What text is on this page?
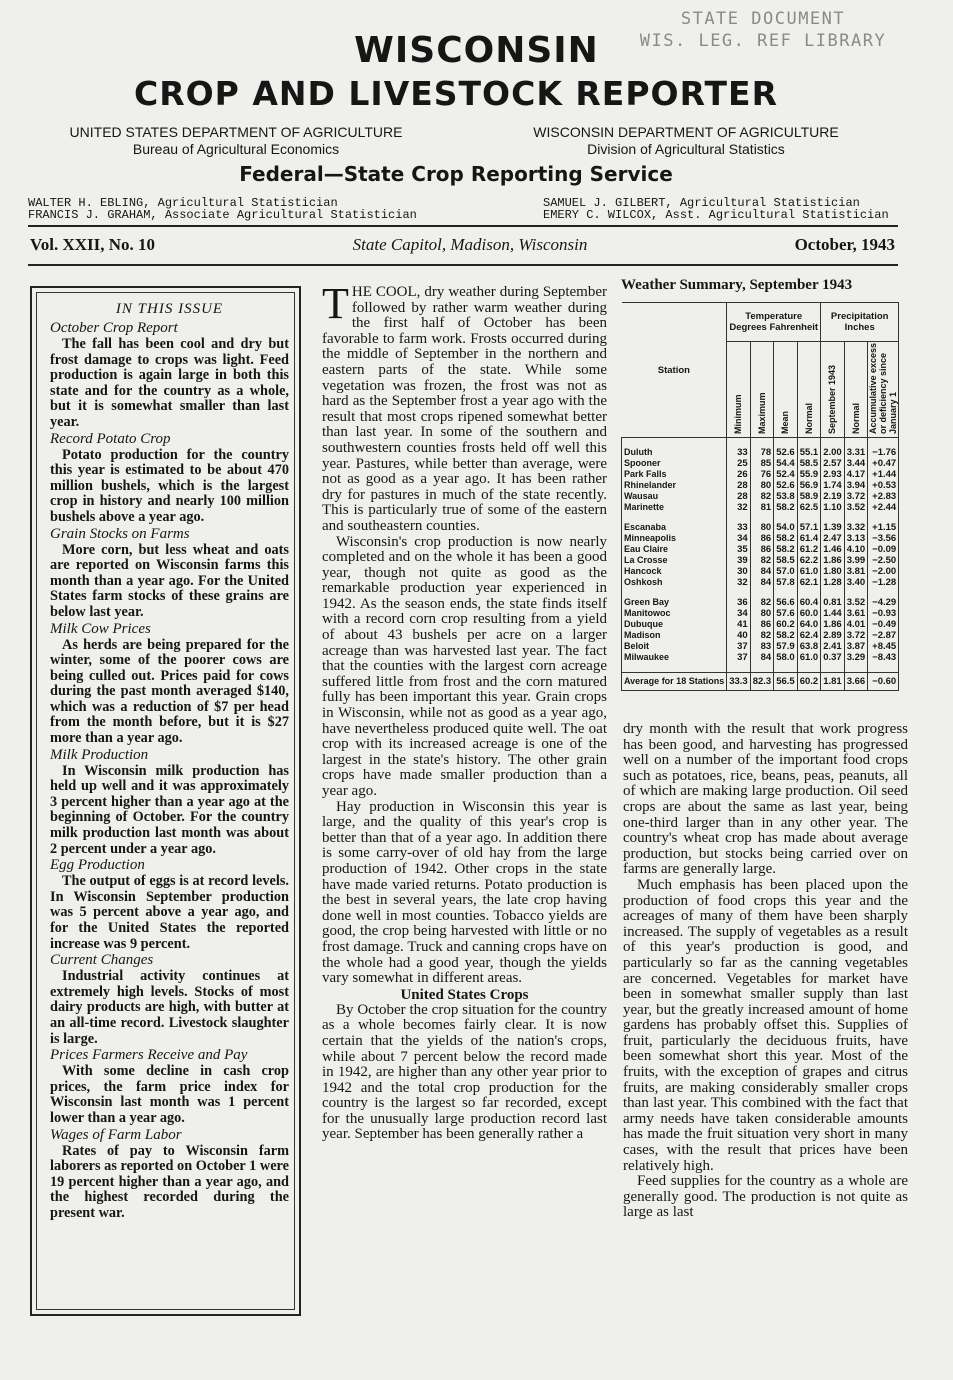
STATE DOCUMENT
WIS. LEG. REF LIBRARY
WISCONSIN
CROP AND LIVESTOCK REPORTER
UNITED STATES DEPARTMENT OF AGRICULTURE
Bureau of Agricultural Economics
WISCONSIN DEPARTMENT OF AGRICULTURE
Division of Agricultural Statistics
Federal—State Crop Reporting Service
WALTER H. EBLING, Agricultural Statistician
FRANCIS J. GRAHAM, Associate Agricultural Statistician
SAMUEL J. GILBERT, Agricultural Statistician
EMERY C. WILCOX, Asst. Agricultural Statistician
Vol. XXII, No. 10	State Capitol, Madison, Wisconsin	October, 1943
IN THIS ISSUE

October Crop Report

The fall has been cool and dry but frost damage to crops was light. Feed production is again large in both this state and for the country as a whole, but it is somewhat smaller than last year.

Record Potato Crop

Potato production for the country this year is estimated to be about 470 million bushels, which is the largest crop in history and nearly 100 million bushels above a year ago.

Grain Stocks on Farms

More corn, but less wheat and oats are reported on Wisconsin farms this month than a year ago. For the United States farm stocks of these grains are below last year.

Milk Cow Prices

As herds are being prepared for the winter, some of the poorer cows are being culled out. Prices paid for cows during the past month averaged $140, which was a reduction of $7 per head from the month before, but it is $27 more than a year ago.

Milk Production

In Wisconsin milk production has held up well and it was approximately 3 percent higher than a year ago at the beginning of October. For the country milk production last month was about 2 percent under a year ago.

Egg Production

The output of eggs is at record levels. In Wisconsin September production was 5 percent above a year ago, and for the United States the reported increase was 9 percent.

Current Changes

Industrial activity continues at extremely high levels. Stocks of most dairy products are high, with butter at an all-time record. Livestock slaughter is large.

Prices Farmers Receive and Pay

With some decline in cash crop prices, the farm price index for Wisconsin last month was 1 percent lower than a year ago.

Wages of Farm Labor

Rates of pay to Wisconsin farm laborers as reported on October 1 were 19 percent higher than a year ago, and the highest recorded during the present war.

THE COOL, dry weather during September followed by rather warm weather during the first half of October has been favorable to farm work. Frosts occurred during the middle of September in the northern and eastern parts of the state. While some vegetation was frozen, the frost was not as hard as the September frost a year ago with the result that most crops ripened somewhat better than last year. In some of the southern and southwestern counties frosts held off well this year. Pastures, while better than average, were not as good as a year ago. It has been rather dry for pastures in much of the state recently. This is particularly true of some of the eastern and southeastern counties.

Wisconsin's crop production is now nearly completed and on the whole it has been a good year, though not quite as good as the remarkable production year experienced in 1942. As the season ends, the state finds itself with a record corn crop resulting from a yield of about 43 bushels per acre on a larger acreage than was harvested last year. The fact that the counties with the largest corn acreage suffered little from frost and the corn matured fully has been important this year. Grain crops in Wisconsin, while not as good as a year ago, have nevertheless produced quite well. The oat crop with its increased acreage is one of the largest in the state's history. The other grain crops have made smaller production than a year ago.

Hay production in Wisconsin this year is large, and the quality of this year's crop is better than that of a year ago. In addition there is some carry-over of old hay from the large production of 1942. Other crops in the state have made varied returns. Potato production is the best in several years, the late crop having done well in most counties. Tobacco yields are good, the crop being harvested with little or no frost damage. Truck and canning crops have on the whole had a good year, though the yields vary somewhat in different areas.

United States Crops

By October the crop situation for the country as a whole becomes fairly clear. It is now certain that the yields of the nation's crops, while about 7 percent below the record made in 1942, are higher than any other year prior to 1942 and the total crop production for the country is the largest so far recorded, except for the unusually large production record last year. September has been generally rather a

Weather Summary, September 1943
Station	Temperature Degrees Fahrenheit				Precipitation Inches		
	Minimum	Maximum	Mean	Normal	September 1943	Normal	Accumulative excess or deficiency since January 1

Duluth	33	78	52.6	55.1	2.00	3.31	−1.76
Spooner	25	85	54.4	58.5	2.57	3.44	+0.47
Park Falls	26	76	52.4	55.9	2.93	4.17	+1.44
Rhinelander	28	80	52.6	56.9	1.74	3.94	+0.53
Wausau	28	82	53.8	58.9	2.19	3.72	+2.83
Marinette	32	81	58.2	62.5	1.10	3.52	+2.44

Escanaba	33	80	54.0	57.1	1.39	3.32	+1.15
Minneapolis	34	86	58.2	61.4	2.47	3.13	−3.56
Eau Claire	35	86	58.2	61.2	1.46	4.10	−0.09
La Crosse	39	82	58.5	62.2	1.86	3.99	−2.50
Hancock	30	84	57.0	61.0	1.80	3.81	−2.00
Oshkosh	32	84	57.8	62.1	1.28	3.40	−1.28

Green Bay	36	82	56.6	60.4	0.81	3.52	−4.29
Manitowoc	34	80	57.6	60.0	1.44	3.61	−0.93
Dubuque	41	86	60.2	64.0	1.86	4.01	−0.49
Madison	40	82	58.2	62.4	2.89	3.72	−2.87
Beloit	37	83	57.9	63.8	2.41	3.87	+8.45
Milwaukee	37	84	58.0	61.0	0.37	3.29	−8.43

Average for 18 Stations	33.3	82.3	56.5	60.2	1.81	3.66	−0.60

dry month with the result that work progress has been good, and harvesting has progressed well on a number of the important food crops such as potatoes, rice, beans, peas, peanuts, all of which are making large production. Oil seed crops are about the same as last year, being one-third larger than in any other year. The country's wheat crop has made about average production, but stocks being carried over on farms are generally large.

Much emphasis has been placed upon the production of food crops this year and the acreages of many of them have been sharply increased. The supply of vegetables as a result of this year's production is good, and particularly so far as the canning vegetables are concerned. Vegetables for market have been in somewhat smaller supply than last year, but the greatly increased amount of home gardens has probably offset this. Supplies of fruit, particularly the deciduous fruits, have been somewhat short this year. Most of the fruits, with the exception of grapes and citrus fruits, are making considerably smaller crops than last year. This combined with the fact that army needs have taken considerable amounts has made the fruit situation very short in many cases, with the result that prices have been relatively high.

Feed supplies for the country as a whole are generally good. The production is not quite as large as last
